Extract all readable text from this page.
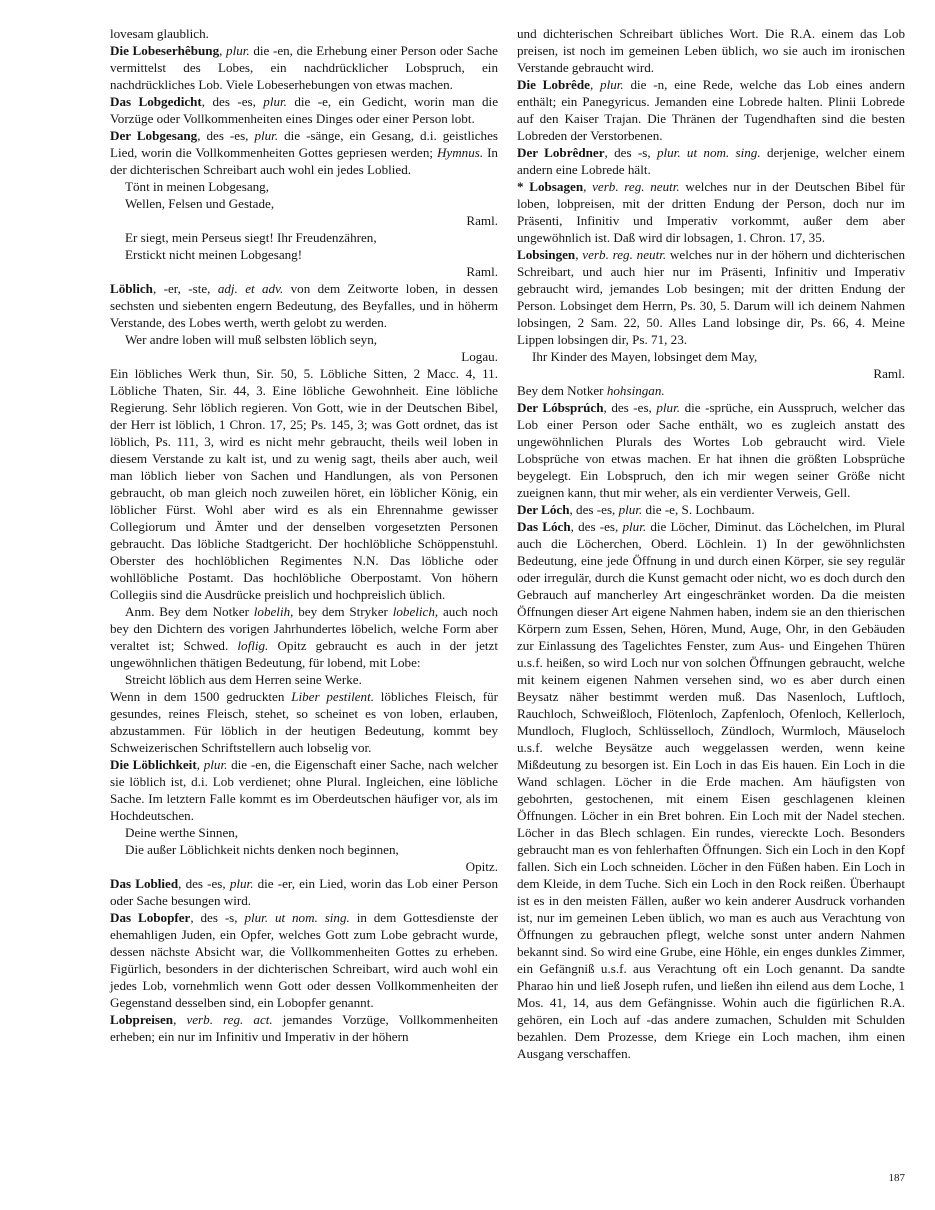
lovesam glaublich.

Die Lobeserhêbung, plur. die -en, die Erhebung einer Person oder Sache vermittelst des Lobes, ein nachdrücklicher Lobspruch, ein nachdrückliches Lob. Viele Lobeserhebungen von etwas machen.

Das Lobgedicht, des -es, plur. die -e, ein Gedicht, worin man die Vorzüge oder Vollkommenheiten eines Dinges oder einer Person lobt.

Der Lobgesang, des -es, plur. die -sänge, ein Gesang, d.i. geistliches Lied, worin die Vollkommenheiten Gottes gepriesen werden; Hymnus. In der dichterischen Schreibart auch wohl ein jedes Loblied.

Tönt in meinen Lobgesang,
Wellen, Felsen und Gestade,
Raml.
Er siegt, mein Perseus siegt! Ihr Freudenzähren,
Erstickt nicht meinen Lobgesang!
Raml.

Löblich, -er, -ste, adj. et adv. von dem Zeitworte loben, in dessen sechsten und siebenten engern Bedeutung, des Beyfalles, und in höherm Verstande, des Lobes werth, werth gelobt zu werden.

Wer andre loben will muß selbsten löblich seyn,
Logau.

Ein löbliches Werk thun, Sir. 50, 5. Löbliche Sitten, 2 Macc. 4, 11. Löbliche Thaten, Sir. 44, 3. Eine löbliche Gewohnheit. Eine löbliche Regierung. Sehr löblich regieren. Von Gott, wie in der Deutschen Bibel, der Herr ist löblich, 1 Chron. 17, 25; Ps. 145, 3; was Gott ordnet, das ist löblich, Ps. 111, 3, wird es nicht mehr gebraucht, theils weil loben in diesem Verstande zu kalt ist, und zu wenig sagt, theils aber auch, weil man löblich lieber von Sachen und Handlungen, als von Personen gebraucht, ob man gleich noch zuweilen höret, ein löblicher König, ein löblicher Fürst. Wohl aber wird es als ein Ehrennahme gewisser Collegiorum und Ämter und der denselben vorgesetzten Personen gebraucht. Das löbliche Stadtgericht. Der hochlöbliche Schöppenstuhl. Oberster des hochlöblichen Regimentes N.N. Das löbliche oder wohllöbliche Postamt. Das hochlöbliche Oberpostamt. Von höhern Collegiis sind die Ausdrücke preislich und hochpreislich üblich.

Anm. Bey dem Notker lobelih, bey dem Stryker lobelich, auch noch bey den Dichtern des vorigen Jahrhundertes löbelich, welche Form aber veraltet ist; Schwed. loflig. Opitz gebraucht es auch in der jetzt ungewöhnlichen thätigen Bedeutung, für lobend, mit Lobe:

Streicht löblich aus dem Herren seine Werke.

Wenn in dem 1500 gedruckten Liber pestilent. löbliches Fleisch, für gesundes, reines Fleisch, stehet, so scheinet es von loben, erlauben, abzustammen. Für löblich in der heutigen Bedeutung, kommt bey Schweizerischen Schriftstellern auch lobselig vor.

Die Löblichkeit, plur. die -en, die Eigenschaft einer Sache, nach welcher sie löblich ist, d.i. Lob verdienet; ohne Plural. Ingleichen, eine löbliche Sache. Im letztern Falle kommt es im Oberdeutschen häufiger vor, als im Hochdeutschen.

Deine werthe Sinnen,
Die außer Löblichkeit nichts denken noch beginnen,
Opitz.

Das Loblied, des -es, plur. die -er, ein Lied, worin das Lob einer Person oder Sache besungen wird.

Das Lobopfer, des -s, plur. ut nom. sing. in dem Gottesdienste der ehemahligen Juden, ein Opfer, welches Gott zum Lobe gebracht wurde, dessen nächste Absicht war, die Vollkommenheiten Gottes zu erheben. Figürlich, besonders in der dichterischen Schreibart, wird auch wohl ein jedes Lob, vornehmlich wenn Gott oder dessen Vollkommenheiten der Gegenstand desselben sind, ein Lobopfer genannt.

Lobpreisen, verb. reg. act. jemandes Vorzüge, Vollkommenheiten erheben; ein nur im Infinitiv und Imperativ in der höhern

und dichterischen Schreibart übliches Wort. Die R.A. einem das Lob preisen, ist noch im gemeinen Leben üblich, wo sie auch im ironischen Verstande gebraucht wird.

Die Lobrêde, plur. die -n, eine Rede, welche das Lob eines andern enthält; ein Panegyricus. Jemanden eine Lobrede halten. Plinii Lobrede auf den Kaiser Trajan. Die Thränen der Tugendhaften sind die besten Lobreden der Verstorbenen.

Der Lobrêdner, des -s, plur. ut nom. sing. derjenige, welcher einem andern eine Lobrede hält.

* Lobsagen, verb. reg. neutr. welches nur in der Deutschen Bibel für loben, lobpreisen, mit der dritten Endung der Person, doch nur im Präsenti, Infinitiv und Imperativ vorkommt, außer dem aber ungewöhnlich ist. Daß wird dir lobsagen, 1. Chron. 17, 35.

Lobsingen, verb. reg. neutr. welches nur in der höhern und dichterischen Schreibart, und auch hier nur im Präsenti, Infinitiv und Imperativ gebraucht wird, jemandes Lob besingen; mit der dritten Endung der Person. Lobsinget dem Herrn, Ps. 30, 5. Darum will ich deinem Nahmen lobsingen, 2 Sam. 22, 50. Alles Land lobsinge dir, Ps. 66, 4. Meine Lippen lobsingen dir, Ps. 71, 23.

Ihr Kinder des Mayen, lobsinget dem May,
Raml.

Bey dem Notker hohsingan.

Der Lóbsprúch, des -es, plur. die -sprüche, ein Ausspruch, welcher das Lob einer Person oder Sache enthält, wo es zugleich anstatt des ungewöhnlichen Plurals des Wortes Lob gebraucht wird. Viele Lobsprüche von etwas machen. Er hat ihnen die größten Lobsprüche beygelegt. Ein Lobspruch, den ich mir wegen seiner Größe nicht zueignen kann, thut mir weher, als ein verdienter Verweis, Gell.

Der Lóch, des -es, plur. die -e, S. Lochbaum.

Das Lóch, des -es, plur. die Löcher, Diminut. das Löchelchen, im Plural auch die Löcherchen, Oberd. Löchlein. 1) In der gewöhnlichsten Bedeutung, eine jede Öffnung in und durch einen Körper, sie sey regulär oder irregulär, durch die Kunst gemacht oder nicht, wo es doch durch den Gebrauch auf mancherley Art eingeschränket worden. Da die meisten Öffnungen dieser Art eigene Nahmen haben, indem sie an den thierischen Körpern zum Essen, Sehen, Hören, Mund, Auge, Ohr, in den Gebäuden zur Einlassung des Tagelichtes Fenster, zum Aus- und Eingehen Thüren u.s.f. heißen, so wird Loch nur von solchen Öffnungen gebraucht, welche mit keinem eigenen Nahmen versehen sind, wo es aber durch einen Beysatz näher bestimmt werden muß. Das Nasenloch, Luftloch, Rauchloch, Schweißloch, Flötenloch, Zapfenloch, Ofenloch, Kellerloch, Mundloch, Flugloch, Schlüsselloch, Zündloch, Wurmloch, Mäuseloch u.s.f. welche Beysätze auch weggelassen werden, wenn keine Mißdeutung zu besorgen ist. Ein Loch in das Eis hauen. Ein Loch in die Wand schlagen. Löcher in die Erde machen. Am häufigsten von gebohrten, gestochenen, mit einem Eisen geschlagenen kleinen Öffnungen. Löcher in ein Bret bohren. Ein Loch mit der Nadel stechen. Löcher in das Blech schlagen. Ein rundes, viereckte Loch. Besonders gebraucht man es von fehlerhaften Öffnungen. Sich ein Loch in den Kopf fallen. Sich ein Loch schneiden. Löcher in den Füßen haben. Ein Loch in dem Kleide, in dem Tuche. Sich ein Loch in den Rock reißen. Überhaupt ist es in den meisten Fällen, außer wo kein anderer Ausdruck vorhanden ist, nur im gemeinen Leben üblich, wo man es auch aus Verachtung von Öffnungen zu gebrauchen pflegt, welche sonst unter andern Nahmen bekannt sind. So wird eine Grube, eine Höhle, ein enges dunkles Zimmer, ein Gefängniß u.s.f. aus Verachtung oft ein Loch genannt. Da sandte Pharao hin und ließ Joseph rufen, und ließen ihn eilend aus dem Loche, 1 Mos. 41, 14, aus dem Gefängnisse. Wohin auch die figürlichen R.A. gehören, ein Loch auf -das andere zumachen, Schulden mit Schulden bezahlen. Dem Prozesse, dem Kriege ein Loch machen, ihm einen Ausgang verschaffen.

187
